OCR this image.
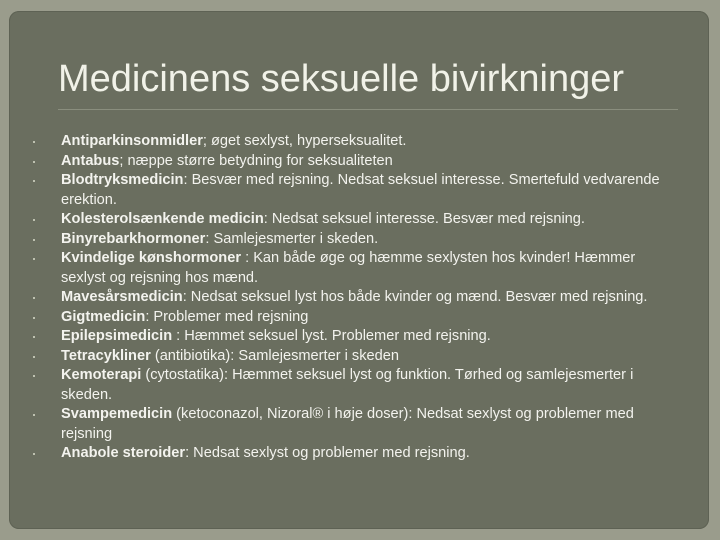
Medicinens seksuelle bivirkninger
Antiparkinsonmidler; øget sexlyst, hyperseksualitet.
Antabus; næppe større betydning for seksualiteten
Blodtryksmedicin: Besvær med rejsning. Nedsat seksuel interesse. Smertefuld vedvarende erektion.
Kolesterolsænkende medicin: Nedsat seksuel interesse. Besvær med rejsning.
Binyrebarkhormoner: Samlejesmerter i skeden.
Kvindelige kønshormoner : Kan både øge og hæmme sexlysten hos kvinder! Hæmmer sexlyst og rejsning hos mænd.
Mavesårsmedicin: Nedsat seksuel lyst hos både kvinder og mænd. Besvær med rejsning.
Gigtmedicin: Problemer med rejsning
Epilepsimedicin : Hæmmet seksuel lyst. Problemer med rejsning.
Tetracykliner (antibiotika): Samlejesmerter i skeden
Kemoterapi (cytostatika): Hæmmet seksuel lyst og funktion. Tørhed og samlejesmerter i skeden.
Svampemedicin (ketoconazol, Nizoral® i høje doser): Nedsat sexlyst og problemer med rejsning
Anabole steroider: Nedsat sexlyst og problemer med rejsning.
